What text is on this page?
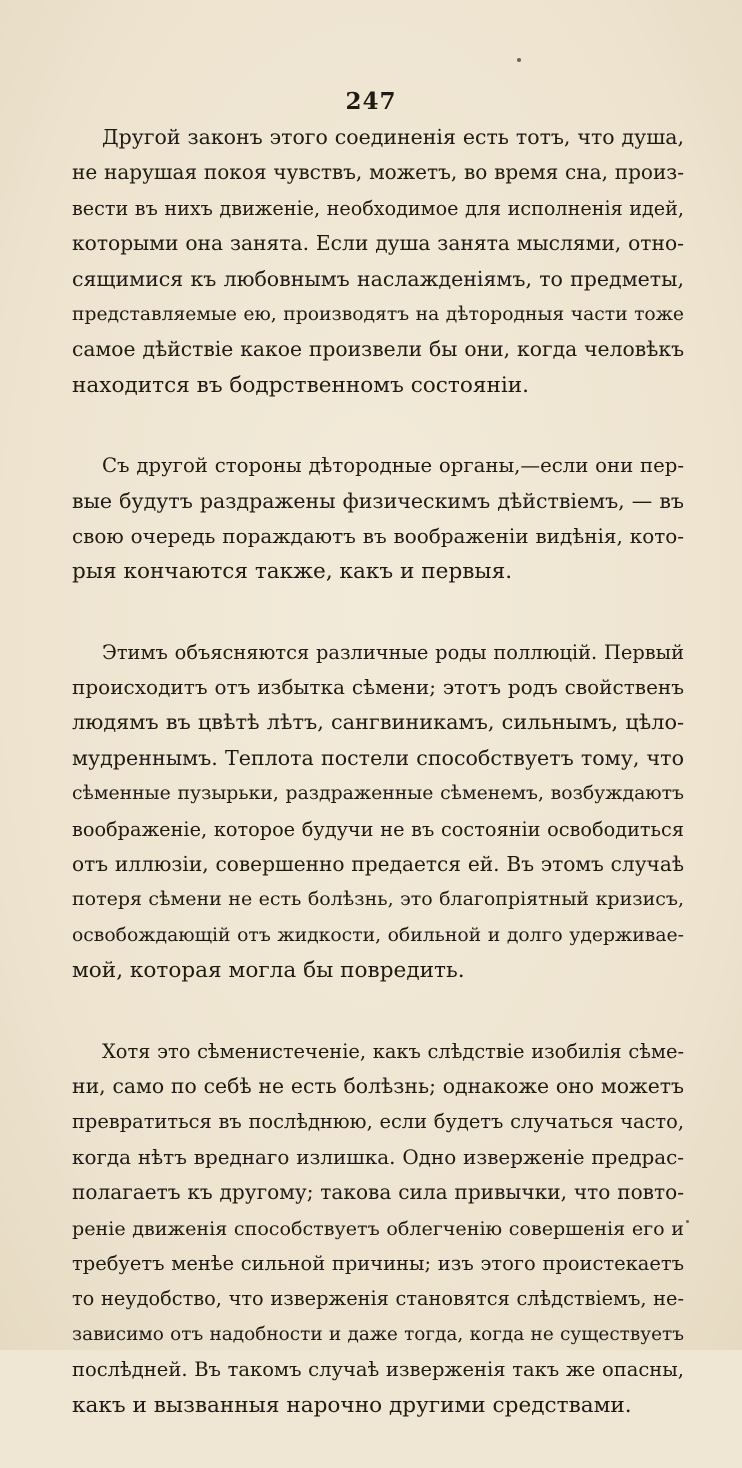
247

Другой законъ этого соединенія есть тотъ, что душа,
не нарушая покоя чувствъ, можетъ, во время сна, произ-
вести въ нихъ движеніе, необходимое для исполненія идей,
которыми она занята. Если душа занята мыслями, отно-
сящимися къ любовнымъ наслажденіямъ, то предметы,
представляемые ею, производятъ на дѣтородныя части тоже
самое дѣйствіе какое произвели бы они, когда человѣкъ
находится въ бодрственномъ состояніи.

Съ другой стороны дѣтородные органы,—если они пер-
вые будутъ раздражены физическимъ дѣйствіемъ, — въ
свою очередь пораждаютъ въ воображеніи видѣнія, кото-
рыя кончаются также, какъ и первыя.

Этимъ объясняются различные роды поллюцій. Первый
происходитъ отъ избытка сѣмени; этотъ родъ свойственъ
людямъ въ цвѣтѣ лѣтъ, сангвиникамъ, сильнымъ, цѣло-
мудреннымъ. Теплота постели способствуетъ тому, что
сѣменные пузырьки, раздраженные сѣменемъ, возбуждаютъ
воображеніе, которое будучи не въ состояніи освободиться
отъ иллюзіи, совершенно предается ей. Въ этомъ случаѣ
потеря сѣмени не есть болѣзнь, это благопріятный кризисъ,
освобождающій отъ жидкости, обильной и долго удерживае-
мой, которая могла бы повредить.

Хотя это сѣменистеченіе, какъ слѣдствіе изобилія сѣме-
ни, само по себѣ не есть болѣзнь; однакоже оно можетъ
превратиться въ послѣднюю, если будетъ случаться часто,
когда нѣтъ вреднаго излишка. Одно изверженіе предрас-
полагаетъ къ другому; такова сила привычки, что повто-
реніе движенія способствуетъ облегченію совершенія его и
требуетъ менѣе сильной причины; изъ этого проистекаетъ
то неудобство, что изверженія становятся слѣдствіемъ, не-
зависимо отъ надобности и даже тогда, когда не существуетъ
послѣдней. Въ такомъ случаѣ изверженія такъ же опасны,
какъ и вызванныя нарочно другими средствами.
